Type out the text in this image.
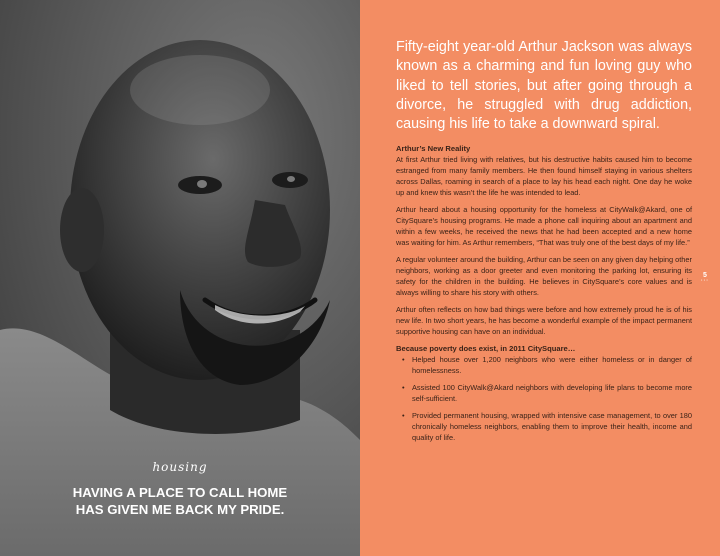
housing
HAVING A PLACE TO CALL HOME
HAS GIVEN ME BACK MY PRIDE.
Fifty-eight year-old Arthur Jackson was always known as a charming and fun loving guy who liked to tell stories, but after going through a divorce, he struggled with drug addiction, causing his life to take a downward spiral.
Arthur’s New Reality

At first Arthur tried living with relatives, but his destructive habits caused him to become estranged from many family members. He then found himself staying in various shelters across Dallas, roaming in search of a place to lay his head each night. One day he woke up and knew this wasn’t the life he was intended to lead.

Arthur heard about a housing opportunity for the homeless at CityWalk@Akard, one of CitySquare’s housing programs. He made a phone call inquiring about an apartment and within a few weeks, he received the news that he had been accepted and a new home was waiting for him. As Arthur remembers, “That was truly one of the best days of my life.”

A regular volunteer around the building, Arthur can be seen on any given day helping other neighbors, working as a door greeter and even monitoring the parking lot, ensuring its safety for the children in the building. He believes in CitySquare’s core values and is always willing to share his story with others.

Arthur often reflects on how bad things were before and how extremely proud he is of his new life. In two short years, he has become a wonderful example of the impact permanent supportive housing can have on an individual.

Because poverty does exist, in 2011 CitySquare…
• Helped house over 1,200 neighbors who were either homeless or in danger of homelessness.
• Assisted 100 CityWalk@Akard neighbors with developing life plans to become more self-sufficient.
• Provided permanent housing, wrapped with intensive case management, to over 180 chronically homeless neighbors, enabling them to improve their health, income and quality of life.
5
···
